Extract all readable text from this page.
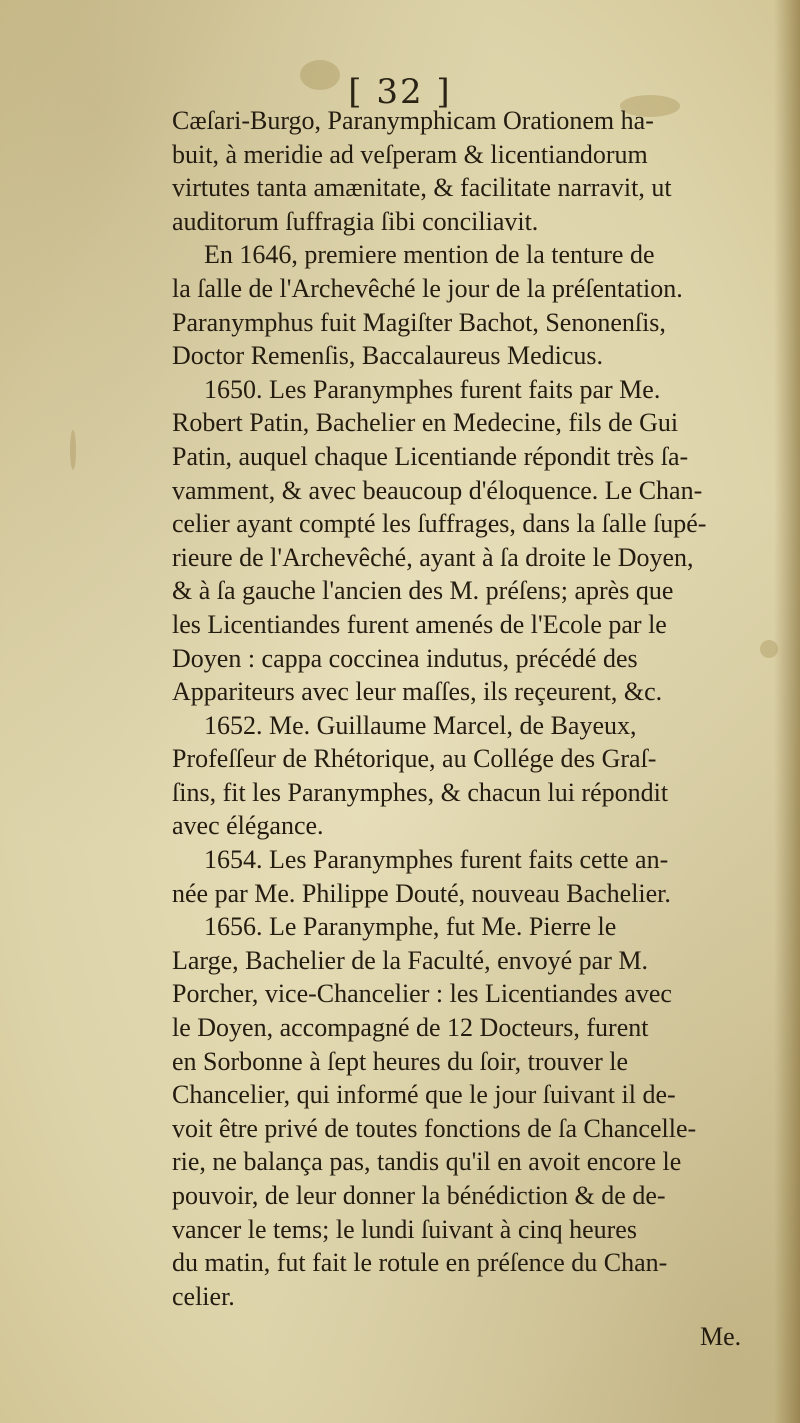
[ 32 ]
Cæſari-Burgo, Paranymphicam Orationem ha-
buit, à meridie ad veſperam & licentiandorum
virtutes tanta amænitate, & facilitate narravit, ut
auditorum ſuffragia ſibi conciliavit.
En 1646, premiere mention de la tenture de
la ſalle de l'Archevêché le jour de la préſentation.
Paranymphus fuit Magiſter Bachot, Senonenſis,
Doctor Remenſis, Baccalaureus Medicus.
1650. Les Paranymphes furent faits par Me.
Robert Patin, Bachelier en Medecine, fils de Gui
Patin, auquel chaque Licentiande répondit très ſa-
vamment, & avec beaucoup d'éloquence. Le Chan-
celier ayant compté les ſuffrages, dans la ſalle ſupé-
rieure de l'Archevêché, ayant à ſa droite le Doyen,
& à ſa gauche l'ancien des M. préſens; après que
les Licentiandes furent amenés de l'Ecole par le
Doyen : cappa coccinea indutus, précédé des
Appariteurs avec leur maſſes, ils reçeurent, &c.
1652. Me. Guillaume Marcel, de Bayeux,
Profeſſeur de Rhétorique, au Collége des Graſ-
ſins, fit les Paranymphes, & chacun lui répondit
avec élégance.
1654. Les Paranymphes furent faits cette an-
née par Me. Philippe Douté, nouveau Bachelier.
1656. Le Paranymphe, fut Me. Pierre le
Large, Bachelier de la Faculté, envoyé par M.
Porcher, vice-Chancelier : les Licentiandes avec
le Doyen, accompagné de 12 Docteurs, furent
en Sorbonne à ſept heures du ſoir, trouver le
Chancelier, qui informé que le jour ſuivant il de-
voit être privé de toutes fonctions de ſa Chancelle-
rie, ne balança pas, tandis qu'il en avoit encore le
pouvoir, de leur donner la bénédiction & de de-
vancer le tems; le lundi ſuivant à cinq heures
du matin, fut fait le rotule en préſence du Chan-
celier.
Me.
